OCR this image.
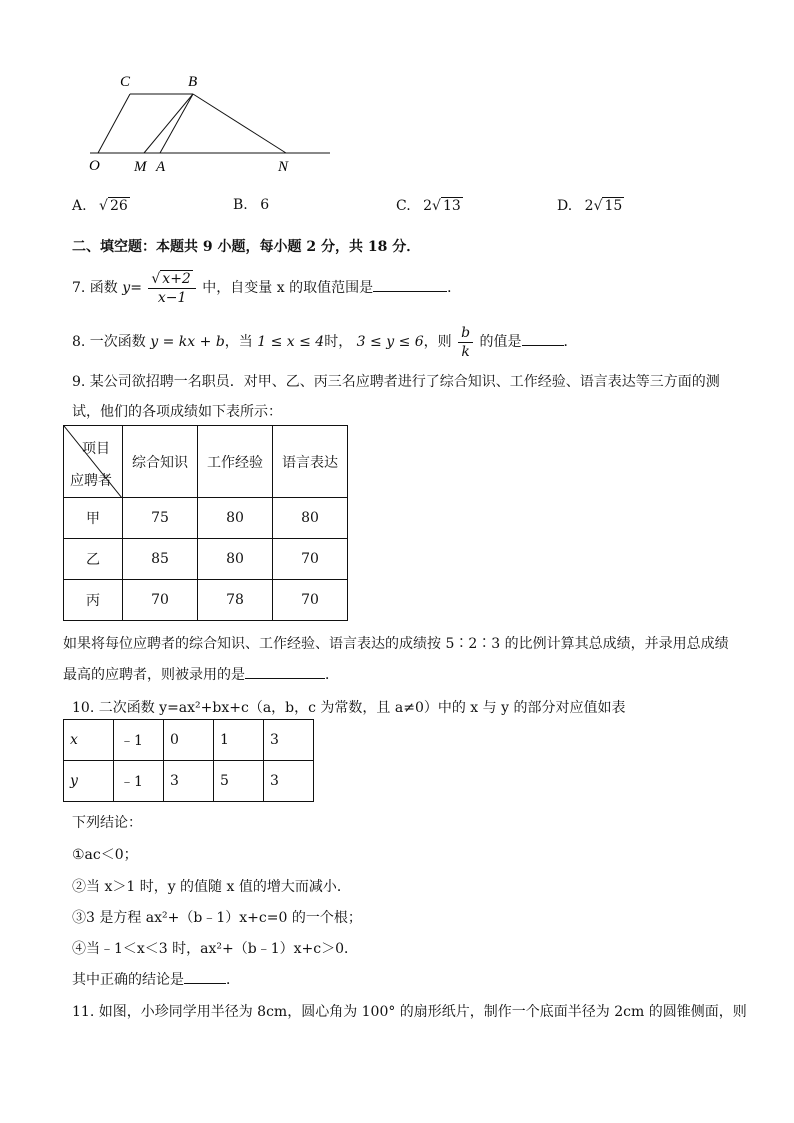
C	B
O M A	N
A. √ 26	B. 6	C. 2√ 13	D. 2√ 15
二、填空题：本题共 9 小题，每小题 2 分，共 18 分．
7. 函数 $y= \frac{√ x+2}{x-1}$ 中，自变量 x 的取值范围是	．
8. 一次函数 y = kx + b，当 1 ≤ x ≤ 4时， 3 ≤ y ≤ 6，则 $\frac{b}{k}$ 的值是	．
9. 某公司欲招聘一名职员．对甲、乙、丙三名应聘者进行了综合知识、工作经验、语言表达等三方面的测
试，他们的各项成绩如下表所示：
项目
应聘者	综合知识	工作经验	语言表达
甲	75	80	80
乙	85	80	70
丙	70	78	70
如果将每位应聘者的综合知识、工作经验、语言表达的成绩按 5∶2∶3 的比例计算其总成绩，并录用总成绩
最高的应聘者，则被录用的是	．
10. 二次函数 y=ax²+bx+c（a，b，c 为常数，且 a≠0）中的 x 与 y 的部分对应值如表
x	﹣1	0	1	3
y	﹣1	3	5	3
下列结论：
①ac＜0；
②当 x＞1 时，y 的值随 x 值的增大而减小．
③3 是方程 ax²+（b﹣1）x+c=0 的一个根；
④当﹣1＜x＜3 时，ax²+（b﹣1）x+c＞0．
其中正确的结论是	．
11. 如图，小珍同学用半径为 8cm，圆心角为 100° 的扇形纸片，制作一个底面半径为 2cm 的圆锥侧面，则
